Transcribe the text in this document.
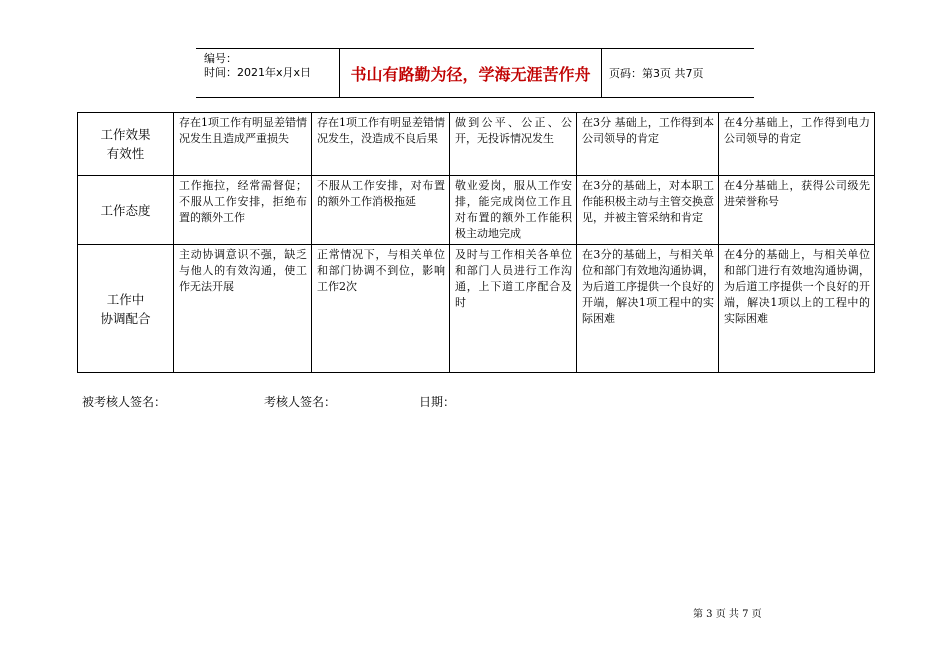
编号：
时间：2021年x月x日	书山有路勤为径，学海无涯苦作舟	页码：第3页 共7页
工作效果
有效性	存在1项工作有明显差错情况发生且造成严重损失	存在1项工作有明显差错情况发生，没造成不良后果	做到公平、公正、公开，无投诉情况发生	在3分 基础上，工作得到本公司领导的肯定	在4分基础上，工作得到电力公司领导的肯定

工作态度	工作拖拉，经常需督促；不服从工作安排，拒绝布置的额外工作	不服从工作安排，对布置的额外工作消极拖延	敬业爱岗，服从工作安排，能完成岗位工作且对布置的额外工作能积极主动地完成	在3分的基础上，对本职工作能积极主动与主管交换意见，并被主管采纳和肯定	在4分基础上，获得公司级先进荣誉称号

工作中
协调配合	主动协调意识不强，缺乏与他人的有效沟通，使工作无法开展	正常情况下，与相关单位和部门协调不到位，影响工作2次	及时与工作相关各单位和部门人员进行工作沟通，上下道工序配合及时	在3分的基础上，与相关单位和部门有效地沟通协调，为后道工序提供一个良好的开端，解决1项工程中的实际困难	在4分的基础上，与相关单位和部门进行有效地沟通协调，为后道工序提供一个良好的开端，解决1项以上的工程中的实际困难
被考核人签名：	考核人签名：	日期：
第 3 页 共 7 页
